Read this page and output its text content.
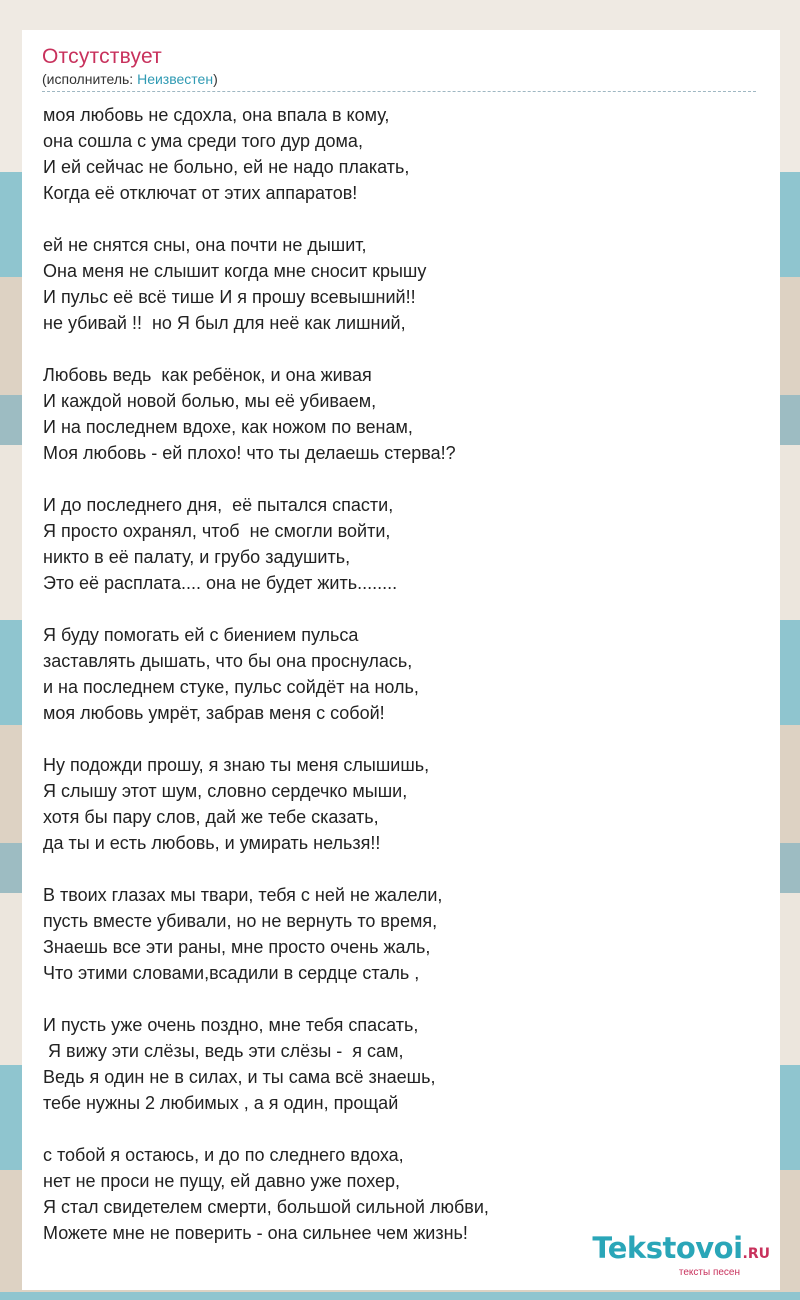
Отсутствует
(исполнитель: Неизвестен)
моя любовь не сдохла, она впала в кому,
она сошла с ума среди того дур дома,
И ей сейчас не больно, ей не надо плакать,
Когда её отключат от этих аппаратов!
ей не снятся сны, она почти не дышит,
Она меня не слышит когда мне сносит крышу
И пульс её всё тише И я прошу всевышний!!
не убивай !!  но Я был для неё как лишний,
Любовь ведь  как ребёнок, и она живая
И каждой новой болью, мы её убиваем,
И на последнем вдохе, как ножом по венам,
Моя любовь - ей плохо! что ты делаешь стерва!?
И до последнего дня,  её пытался спасти,
Я просто охранял, чтоб  не смогли войти,
никто в её палату, и грубо задушить,
Это её расплата.... она не будет жить........
Я буду помогать ей с биением пульса
заставлять дышать, что бы она проснулась,
и на последнем стуке, пульс сойдёт на ноль,
моя любовь умрёт, забрав меня с собой!
Ну подожди прошу, я знаю ты меня слышишь,
Я слышу этот шум, словно сердечко мыши,
хотя бы пару слов, дай же тебе сказать,
да ты и есть любовь, и умирать нельзя!!
В твоих глазах мы твари, тебя с ней не жалели,
пусть вместе убивали, но не вернуть то время,
Знаешь все эти раны, мне просто очень жаль,
Что этими словами,всадили в сердце сталь ,
И пусть уже очень поздно, мне тебя спасать,
Я вижу эти слёзы, ведь эти слёзы -  я сам,
Ведь я один не в силах, и ты сама всё знаешь,
тебе нужны 2 любимых , а я один, прощай
с тобой я остаюсь, и до по следнего вдоха,
нет не проси не пущу, ей давно уже похер,
Я стал свидетелем смерти, большой сильной любви,
Можете мне не поверить - она сильнее чем жизнь!	Tekstovoi.RU
тексты песен
